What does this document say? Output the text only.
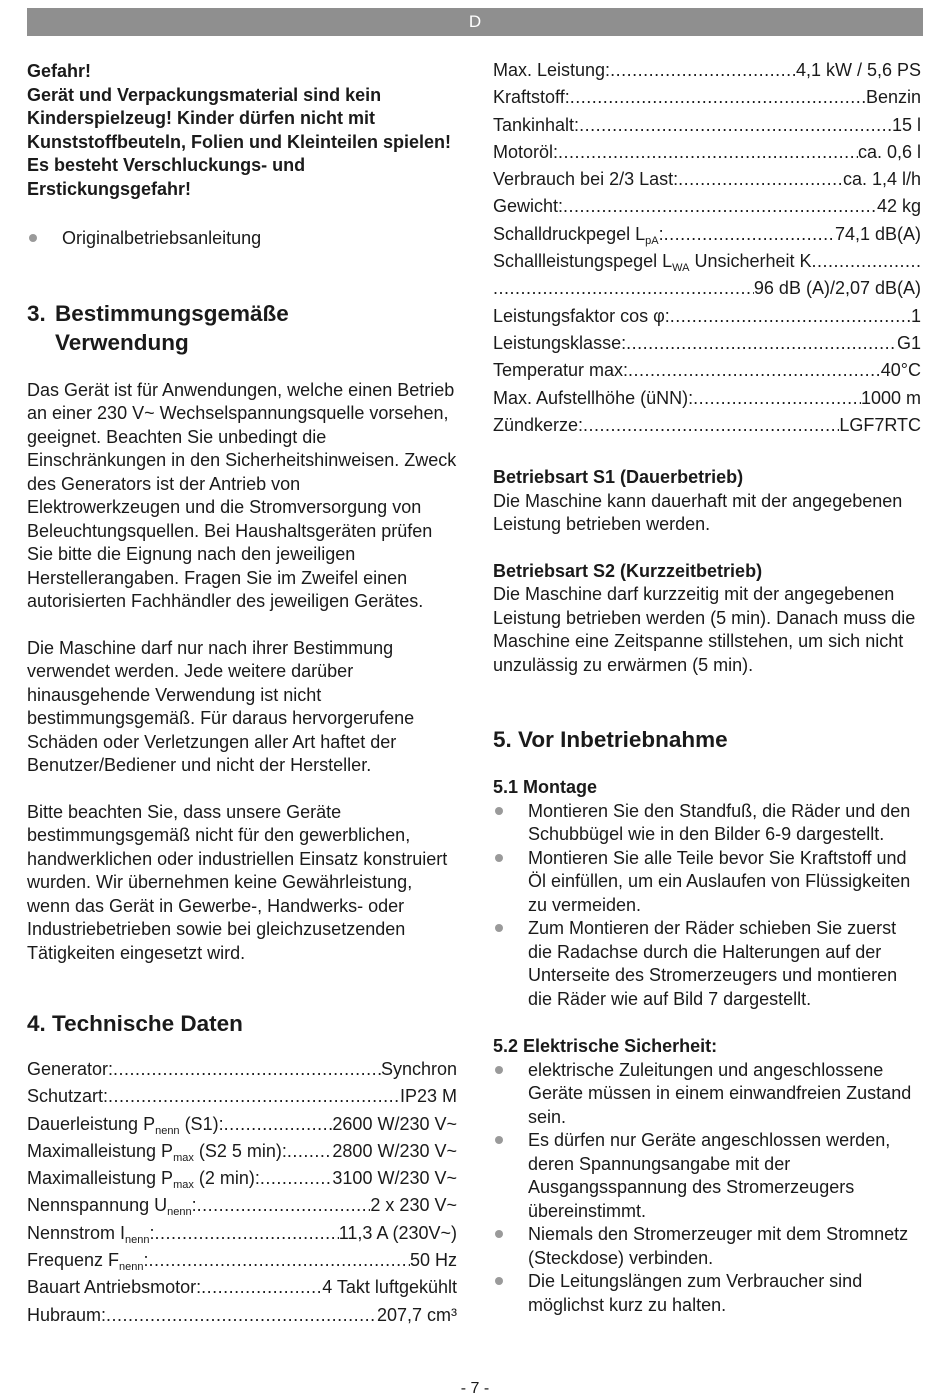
D

Gefahr!

Gerät und Verpackungsmaterial sind kein Kinderspielzeug! Kinder dürfen nicht mit Kunststoffbeuteln, Folien und Kleinteilen spielen! Es besteht Verschluckungs- und Erstickungsgefahr!

Originalbetriebsanleitung
3. Bestimmungsgemäße
Verwendung

Das Gerät ist für Anwendungen, welche einen Betrieb an einer 230 V~ Wechselspannungsquelle vorsehen, geeignet. Beachten Sie unbedingt die Einschränkungen in den Sicherheitshinweisen. Zweck des Generators ist der Antrieb von Elektrowerkzeugen und die Stromversorgung von Beleuchtungsquellen. Bei Haushaltsgeräten prüfen Sie bitte die Eignung nach den jeweiligen Herstellerangaben. Fragen Sie im Zweifel einen autorisierten Fachhändler des jeweiligen Gerätes.

Die Maschine darf nur nach ihrer Bestimmung verwendet werden. Jede weitere darüber hinausgehende Verwendung ist nicht bestimmungsgemäß. Für daraus hervorgerufene Schäden oder Verletzungen aller Art haftet der Benutzer/Bediener und nicht der Hersteller.

Bitte beachten Sie, dass unsere Geräte bestimmungsgemäß nicht für den gewerblichen, handwerklichen oder industriellen Einsatz konstruiert wurden. Wir übernehmen keine Gewährleistung, wenn das Gerät in Gewerbe-, Handwerks- oder Industriebetrieben sowie bei gleichzusetzenden Tätigkeiten eingesetzt wird.

4. Technische Daten
Generator: .....	Synchron
Schutzart: .....	IP23 M
Dauerleistung $P_{nenn}$ (S1): .....	2600 W/230 V~
Maximalleistung $P_{max}$ (S2 5 min): .....	2800 W/230 V~
Maximalleistung $P_{max}$ (2 min): .....	3100 W/230 V~
Nennspannung $U_{nenn}$: .....	2 x 230 V~
Nennstrom $I_{nenn}$: .....	11,3 A (230V~)
Frequenz $F_{nenn}$: .....	50 Hz
Bauart Antriebsmotor: .....	4 Takt luftgekühlt
Hubraum: .....	207,7 cm³
Max. Leistung: .....	4,1 kW / 5,6 PS
Kraftstoff: .....	Benzin
Tankinhalt: .....	15 l
Motoröl: .....	ca. 0,6 l
Verbrauch bei 2/3 Last: .....	ca. 1,4 l/h
Gewicht: .....	42 kg
Schalldruckpegel $L_{pA}$: .....	74,1 dB(A)
Schallleistungspegel $L_{WA}$ Unsicherheit K
.....
.....
96 dB (A)/2,07 dB(A)
Leistungsfaktor cos φ: .....	1
Leistungsklasse: .....	G1
Temperatur max: .....	40°C
Max. Aufstellhöhe (üNN): .....	1000 m
Zündkerze: .....	LGF7RTC
Betriebsart S1 (Dauerbetrieb)

Die Maschine kann dauerhaft mit der angegebenen Leistung betrieben werden.

Betriebsart S2 (Kurzzeitbetrieb)

Die Maschine darf kurzzeitig mit der angegebenen Leistung betrieben werden (5 min). Danach muss die Maschine eine Zeitspanne stillstehen, um sich nicht unzulässig zu erwärmen (5 min).

5. Vor Inbetriebnahme
5.1 Montage
Montieren Sie den Standfuß, die Räder und den Schubbügel wie in den Bilder 6-9 dargestellt.
Montieren Sie alle Teile bevor Sie Kraftstoff und Öl einfüllen, um ein Auslaufen von Flüssigkeiten zu vermeiden.
Zum Montieren der Räder schieben Sie zuerst die Radachse durch die Halterungen auf der Unterseite des Stromerzeugers und montieren die Räder wie auf Bild 7 dargestellt.
5.2 Elektrische Sicherheit:
elektrische Zuleitungen und angeschlossene Geräte müssen in einem einwandfreien Zustand sein.
Es dürfen nur Geräte angeschlossen werden, deren Spannungsangabe mit der Ausgangsspannung des Stromerzeugers übereinstimmt.
Niemals den Stromerzeuger mit dem Stromnetz (Steckdose) verbinden.
Die Leitungslängen zum Verbraucher sind möglichst kurz zu halten.
- 7 -
